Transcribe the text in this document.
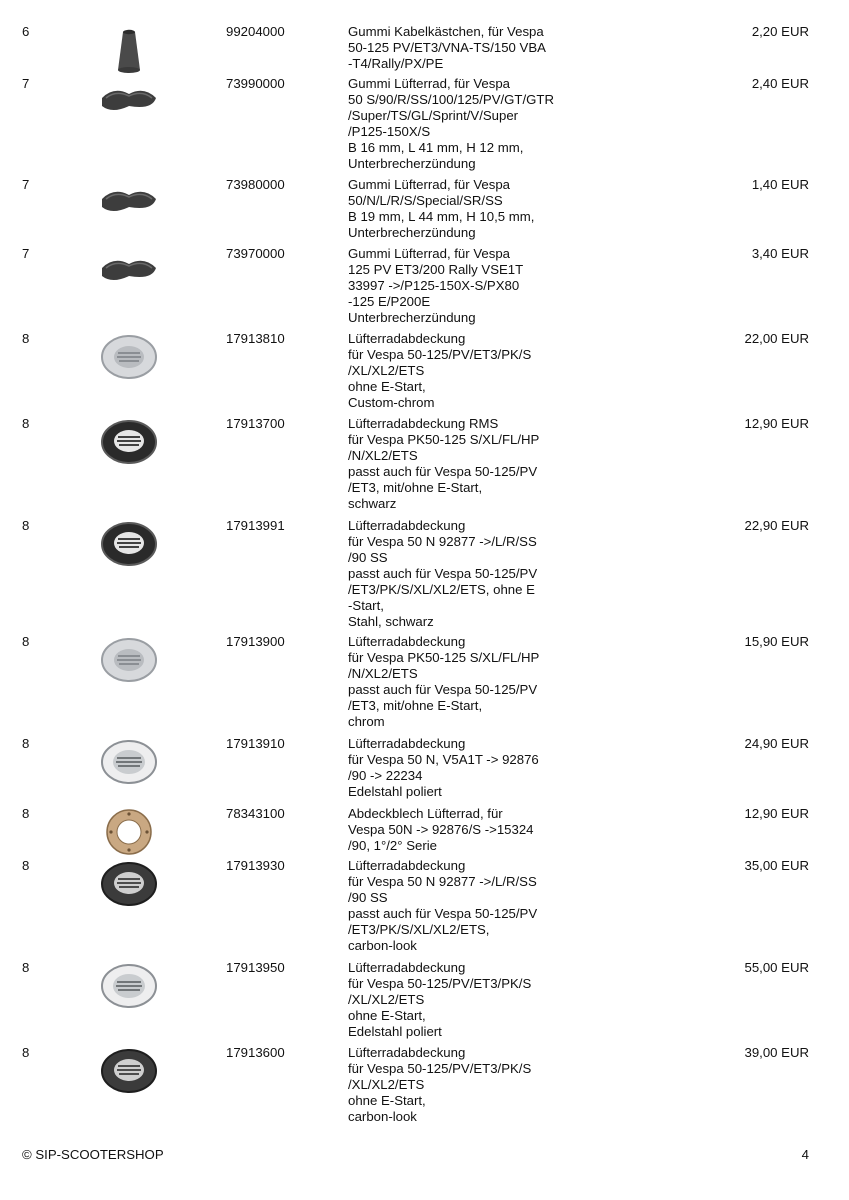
6	99204000	Gummi Kabelkästchen, für Vespa
50-125 PV/ET3/VNA-TS/150 VBA
-T4/Rally/PX/PE
2,20 EUR
7	73990000	Gummi Lüfterrad, für Vespa
50 S/90/R/SS/100/125/PV/GT/GTR
/Super/TS/GL/Sprint/V/Super
/P125-150X/S
B 16 mm, L 41 mm, H 12 mm,
Unterbrecherzündung
2,40 EUR
7	73980000	Gummi Lüfterrad, für Vespa
50/N/L/R/S/Special/SR/SS
B 19 mm, L 44 mm, H 10,5 mm,
Unterbrecherzündung
1,40 EUR
7	73970000	Gummi Lüfterrad, für Vespa
125 PV ET3/200 Rally VSE1T
33997 ->/P125-150X-S/PX80
-125 E/P200E
Unterbrecherzündung
3,40 EUR
8	17913810	Lüfterradabdeckung
für Vespa 50-125/PV/ET3/PK/S
/XL/XL2/ETS
ohne E-Start,
Custom-chrom
22,00 EUR
8	17913700	Lüfterradabdeckung RMS
für Vespa PK50-125 S/XL/FL/HP
/N/XL2/ETS
passt auch für Vespa 50-125/PV
/ET3, mit/ohne E-Start,
schwarz
12,90 EUR
8	17913991	Lüfterradabdeckung
für Vespa 50 N 92877 ->/L/R/SS
/90 SS
passt auch für Vespa 50-125/PV
/ET3/PK/S/XL/XL2/ETS, ohne E
-Start,
Stahl, schwarz
22,90 EUR
8	17913900	Lüfterradabdeckung
für Vespa PK50-125 S/XL/FL/HP
/N/XL2/ETS
passt auch für Vespa 50-125/PV
/ET3, mit/ohne E-Start,
chrom
15,90 EUR
8	17913910	Lüfterradabdeckung
für Vespa 50 N, V5A1T -> 92876
/90 -> 22234
Edelstahl poliert
24,90 EUR
8	78343100	Abdeckblech Lüfterrad, für
Vespa 50N -> 92876/S ->15324
/90, 1°/2° Serie
12,90 EUR
8	17913930	Lüfterradabdeckung
für Vespa 50 N 92877 ->/L/R/SS
/90 SS
passt auch für Vespa 50-125/PV
/ET3/PK/S/XL/XL2/ETS,
carbon-look
35,00 EUR
8	17913950	Lüfterradabdeckung
für Vespa 50-125/PV/ET3/PK/S
/XL/XL2/ETS
ohne E-Start,
Edelstahl poliert
55,00 EUR
8	17913600	Lüfterradabdeckung
für Vespa 50-125/PV/ET3/PK/S
/XL/XL2/ETS
ohne E-Start,
carbon-look
39,00 EUR
© SIP-SCOOTERSHOP	4
